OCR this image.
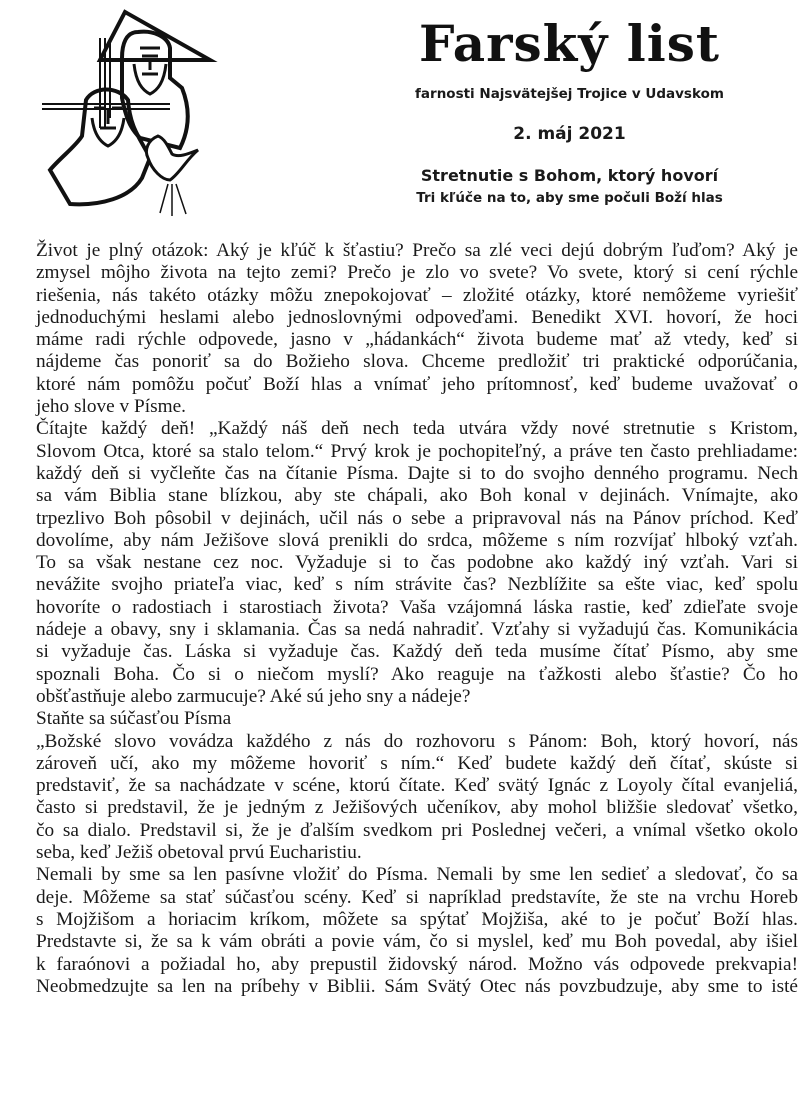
Farský list
farnosti Najsvätejšej Trojice v Udavskom
2. máj 2021
Stretnutie s Bohom, ktorý hovorí
Tri kľúče na to, aby sme počuli Boží hlas
Život je plný otázok: Aký je kľúč k šťastiu? Prečo sa zlé veci dejú dobrým ľuďom? Aký je
zmysel môjho života na tejto zemi? Prečo je zlo vo svete? Vo svete, ktorý si cení rýchle
riešenia, nás takéto otázky môžu znepokojovať – zložité otázky, ktoré nemôžeme vyriešiť
jednoduchými heslami alebo jednoslovnými odpoveďami. Benedikt XVI. hovorí, že hoci
máme radi rýchle odpovede, jasno v „hádankách“ života budeme mať až vtedy, keď si
nájdeme čas ponoriť sa do Božieho slova. Chceme predložiť tri praktické odporúčania,
ktoré nám pomôžu počuť Boží hlas a vnímať jeho prítomnosť, keď budeme uvažovať o
jeho slove v Písme.
Čítajte každý deň! „Každý náš deň nech teda utvára vždy nové stretnutie s Kristom,
Slovom Otca, ktoré sa stalo telom.“ Prvý krok je pochopiteľný, a práve ten často prehliadame:
každý deň si vyčleňte čas na čítanie Písma. Dajte si to do svojho denného programu. Nech
sa vám Biblia stane blízkou, aby ste chápali, ako Boh konal v dejinách. Vnímajte, ako
trpezlivo Boh pôsobil v dejinách, učil nás o sebe a pripravoval nás na Pánov príchod. Keď
dovolíme, aby nám Ježišove slová prenikli do srdca, môžeme s ním rozvíjať hlboký vzťah.
To sa však nestane cez noc. Vyžaduje si to čas podobne ako každý iný vzťah. Vari si
nevážite svojho priateľa viac, keď s ním strávite čas? Nezblížite sa ešte viac, keď spolu
hovoríte o radostiach i starostiach života? Vaša vzájomná láska rastie, keď zdieľate svoje
nádeje a obavy, sny i sklamania. Čas sa nedá nahradiť. Vzťahy si vyžadujú čas. Komunikácia
si vyžaduje čas. Láska si vyžaduje čas. Každý deň teda musíme čítať Písmo, aby sme
spoznali Boha. Čo si o niečom myslí? Ako reaguje na ťažkosti alebo šťastie? Čo ho
obšťastňuje alebo zarmucuje? Aké sú jeho sny a nádeje?
Staňte sa súčasťou Písma
„Božské slovo vovádza každého z nás do rozhovoru s Pánom: Boh, ktorý hovorí, nás
zároveň učí, ako my môžeme hovoriť s ním.“ Keď budete každý deň čítať, skúste si
predstaviť, že sa nachádzate v scéne, ktorú čítate. Keď svätý Ignác z Loyoly čítal evanjeliá,
často si predstavil, že je jedným z Ježišových učeníkov, aby mohol bližšie sledovať všetko,
čo sa dialo. Predstavil si, že je ďalším svedkom pri Poslednej večeri, a vnímal všetko okolo
seba, keď Ježiš obetoval prvú Eucharistiu.
Nemali by sme sa len pasívne vložiť do Písma. Nemali by sme len sedieť a sledovať, čo sa
deje. Môžeme sa stať súčasťou scény. Keď si napríklad predstavíte, že ste na vrchu Horeb
s Mojžišom a horiacim kríkom, môžete sa spýtať Mojžiša, aké to je počuť Boží hlas.
Predstavte si, že sa k vám obráti a povie vám, čo si myslel, keď mu Boh povedal, aby išiel
k faraónovi a požiadal ho, aby prepustil židovský národ. Možno vás odpovede prekvapia!
Neobmedzujte sa len na príbehy v Biblii. Sám Svätý Otec nás povzbudzuje, aby sme to isté
